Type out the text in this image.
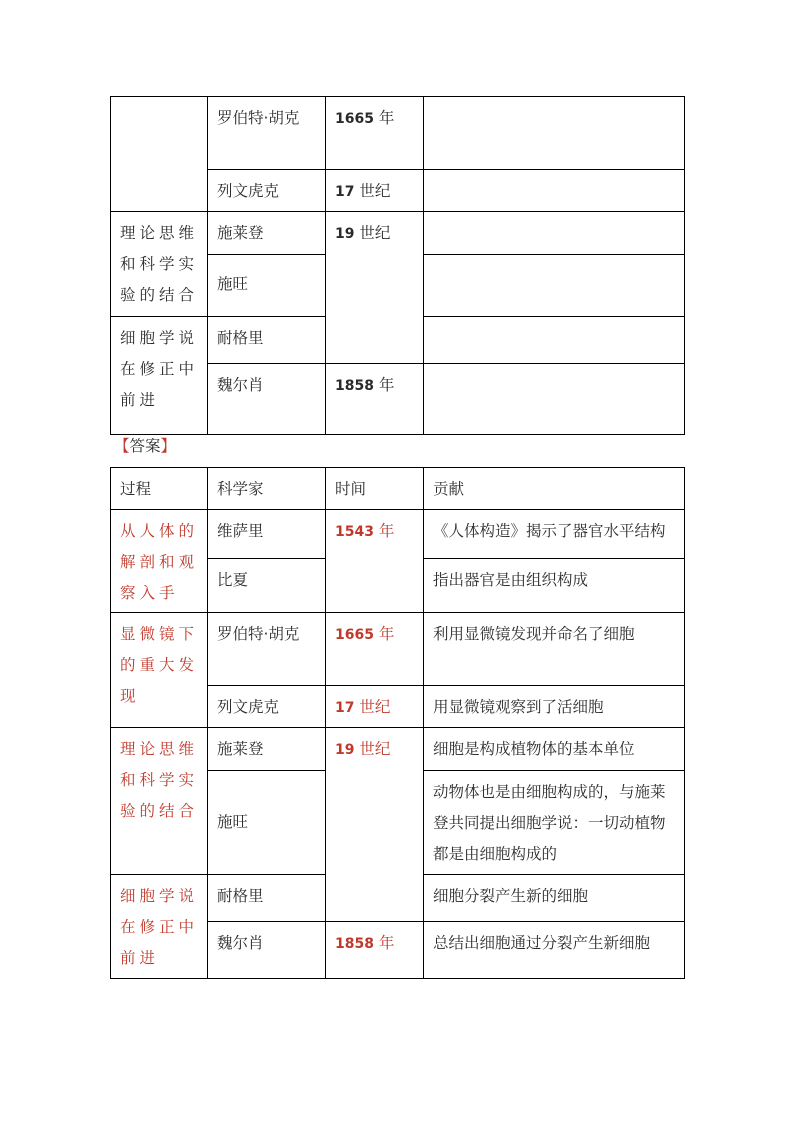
	罗伯特·胡克	1665 年	
	列文虎克	17 世纪	
理论思维和科学实验的结合	施莱登	19 世纪	
	施旺		
细胞学说在修正中前进	耐格里		
	魏尔肖	1858 年	
【答案】
过程	科学家	时间	贡献
从人体的解剖和观察入手	维萨里	1543 年	《人体构造》揭示了器官水平结构
	比夏		指出器官是由组织构成
显微镜下的重大发现	罗伯特·胡克	1665 年	利用显微镜发现并命名了细胞
	列文虎克	17 世纪	用显微镜观察到了活细胞
理论思维和科学实验的结合	施莱登	19 世纪	细胞是构成植物体的基本单位
	施旺		动物体也是由细胞构成的，与施莱登共同提出细胞学说：一切动植物都是由细胞构成的
细胞学说在修正中前进	耐格里		细胞分裂产生新的细胞
	魏尔肖	1858 年	总结出细胞通过分裂产生新细胞
